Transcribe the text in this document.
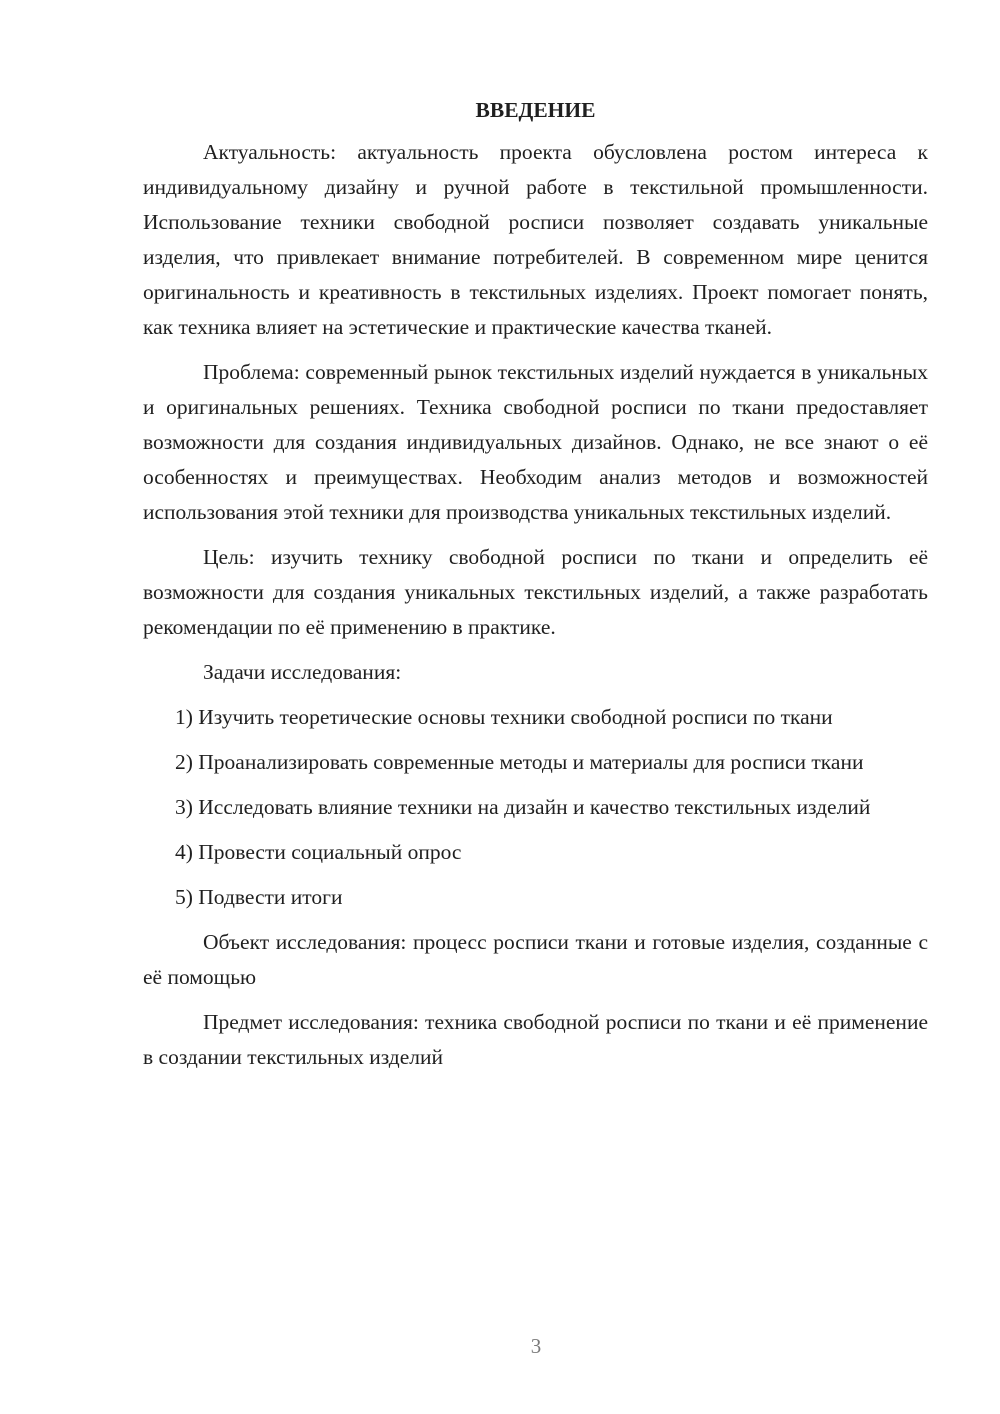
ВВЕДЕНИЕ

Актуальность: актуальность проекта обусловлена ростом интереса к индивидуальному дизайну и ручной работе в текстильной промышленности. Использование техники свободной росписи позволяет создавать уникальные изделия, что привлекает внимание потребителей. В современном мире ценится оригинальность и креативность в текстильных изделиях. Проект помогает понять, как техника влияет на эстетические и практические качества тканей.

Проблема: современный рынок текстильных изделий нуждается в уникальных и оригинальных решениях. Техника свободной росписи по ткани предоставляет возможности для создания индивидуальных дизайнов. Однако, не все знают о её особенностях и преимуществах. Необходим анализ методов и возможностей использования этой техники для производства уникальных текстильных изделий.

Цель: изучить технику свободной росписи по ткани и определить её возможности для создания уникальных текстильных изделий, а также разработать рекомендации по её применению в практике.

Задачи исследования:

1) Изучить теоретические основы техники свободной росписи по ткани
2) Проанализировать современные методы и материалы для росписи ткани
3) Исследовать влияние техники на дизайн и качество текстильных изделий
4) Провести социальный опрос
5) Подвести итоги

Объект исследования: процесс росписи ткани и готовые изделия, созданные с её помощью

Предмет исследования: техника свободной росписи по ткани и её применение в создании текстильных изделий

3
